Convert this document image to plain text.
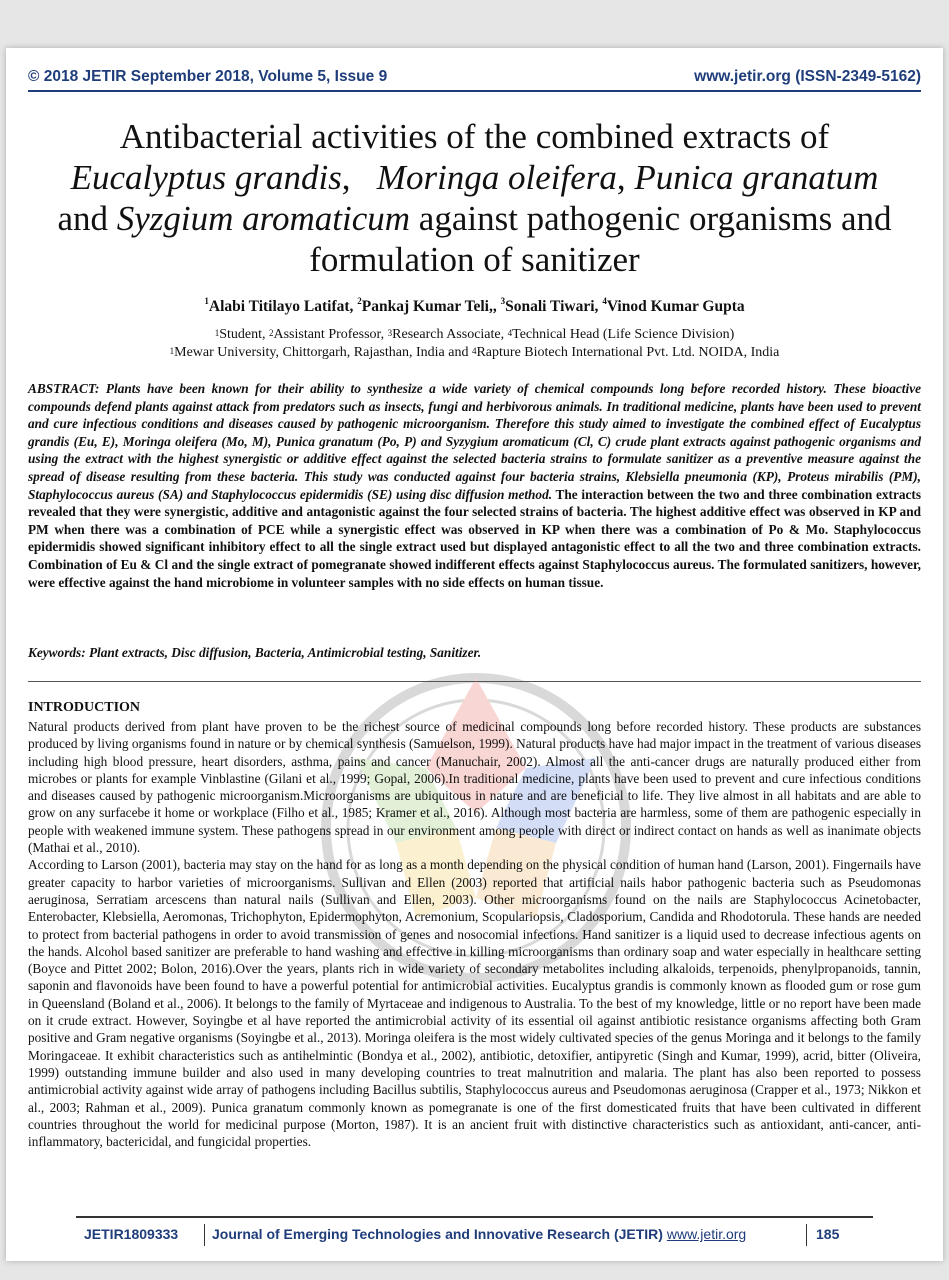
© 2018 JETIR September 2018, Volume 5, Issue 9	www.jetir.org (ISSN-2349-5162)
Antibacterial activities of the combined extracts of
Eucalyptus grandis,   Moringa oleifera, Punica granatum
and Syzgium aromaticum against pathogenic organisms and
formulation of sanitizer
$^1$Alabi Titilayo Latifat, $^2$Pankaj Kumar Teli,, $^3$Sonali Tiwari, $^4$Vinod Kumar Gupta
$^1$Student, $^2$Assistant Professor, $^3$Research Associate, $^4$Technical Head (Life Science Division)
$^1$Mewar University, Chittorgarh, Rajasthan, India and $^4$Rapture Biotech International Pvt. Ltd. NOIDA, India
ABSTRACT: Plants have been known for their ability to synthesize a wide variety of chemical compounds long before recorded history. These bioactive compounds defend plants against attack from predators such as insects, fungi and herbivorous animals. In traditional medicine, plants have been used to prevent and cure infectious conditions and diseases caused by pathogenic microorganism. Therefore this study aimed to investigate the combined effect of Eucalyptus grandis (Eu, E), Moringa oleifera (Mo, M), Punica granatum (Po, P) and Syzygium aromaticum (Cl, C) crude plant extracts against pathogenic organisms and using the extract with the highest synergistic or additive effect against the selected bacteria strains to formulate sanitizer as a preventive measure against the spread of disease resulting from these bacteria. This study was conducted against four bacteria strains, Klebsiella pneumonia (KP), Proteus mirabilis (PM), Staphylococcus aureus (SA) and Staphylococcus epidermidis (SE) using disc diffusion method. The interaction between the two and three combination extracts revealed that they were synergistic, additive and antagonistic against the four selected strains of bacteria. The highest additive effect was observed in KP and PM when there was a combination of PCE while a synergistic effect was observed in KP when there was a combination of Po & Mo. Staphylococcus epidermidis showed significant inhibitory effect to all the single extract used but displayed antagonistic effect to all the two and three combination extracts. Combination of Eu & Cl and the single extract of pomegranate showed indifferent effects against Staphylococcus aureus. The formulated sanitizers, however, were effective against the hand microbiome in volunteer samples with no side effects on human tissue.
Keywords: Plant extracts, Disc diffusion, Bacteria, Antimicrobial testing, Sanitizer.
INTRODUCTION

Natural products derived from plant have proven to be the richest source of medicinal compounds long before recorded history. These products are substances produced by living organisms found in nature or by chemical synthesis (Samuelson, 1999). Natural products have had major impact in the treatment of various diseases including high blood pressure, heart disorders, asthma, pains and cancer (Manuchair, 2002). Almost all the anti-cancer drugs are naturally produced either from microbes or plants for example Vinblastine (Gilani et al., 1999; Gopal, 2006).In traditional medicine, plants have been used to prevent and cure infectious conditions and diseases caused by pathogenic microorganism.Microorganisms are ubiquitous in nature and are beneficial to life. They live almost in all habitats and are able to grow on any surfacebe it home or workplace (Filho et al., 1985; Kramer et al., 2016). Although most bacteria are harmless, some of them are pathogenic especially in people with weakened immune system. These pathogens spread in our environment among people with direct or indirect contact on hands as well as inanimate objects (Mathai et al., 2010).

According to Larson (2001), bacteria may stay on the hand for as long as a month depending on the physical condition of human hand (Larson, 2001). Fingernails have greater capacity to harbor varieties of microorganisms. Sullivan and Ellen (2003) reported that artificial nails habor pathogenic bacteria such as Pseudomonas aeruginosa, Serratiam arcescens than natural nails (Sullivan and Ellen, 2003). Other microorganisms found on the nails are Staphylococcus Acinetobacter, Enterobacter, Klebsiella, Aeromonas, Trichophyton, Epidermophyton, Acremonium, Scopulariopsis, Cladosporium, Candida and Rhodotorula. These hands are needed to protect from bacterial pathogens in order to avoid transmission of genes and nosocomial infections. Hand sanitizer is a liquid used to decrease infectious agents on the hands. Alcohol based sanitizer are preferable to hand washing and effective in killing microorganisms than ordinary soap and water especially in healthcare setting (Boyce and Pittet 2002; Bolon, 2016).Over the years, plants rich in wide variety of secondary metabolites including alkaloids, terpenoids, phenylpropanoids, tannin, saponin and flavonoids have been found to have a powerful potential for antimicrobial activities. Eucalyptus grandis is commonly known as flooded gum or rose gum in Queensland (Boland et al., 2006). It belongs to the family of Myrtaceae and indigenous to Australia. To the best of my knowledge, little or no report have been made on it crude extract. However, Soyingbe et al have reported the antimicrobial activity of its essential oil against antibiotic resistance organisms affecting both Gram positive and Gram negative organisms (Soyingbe et al., 2013). Moringa oleifera is the most widely cultivated species of the genus Moringa and it belongs to the family Moringaceae. It exhibit characteristics such as antihelmintic (Bondya et al., 2002), antibiotic, detoxifier, antipyretic (Singh and Kumar, 1999), acrid, bitter (Oliveira, 1999) outstanding immune builder and also used in many developing countries to treat malnutrition and malaria. The plant has also been reported to possess antimicrobial activity against wide array of pathogens including Bacillus subtilis, Staphylococcus aureus and Pseudomonas aeruginosa (Crapper et al., 1973; Nikkon et al., 2003; Rahman et al., 2009). Punica granatum commonly known as pomegranate is one of the first domesticated fruits that have been cultivated in different countries throughout the world for medicinal purpose (Morton, 1987). It is an ancient fruit with distinctive characteristics such as antioxidant, anti-cancer, anti-inflammatory, bactericidal, and fungicidal properties.

JETIR1809333 Journal of Emerging Technologies and Innovative Research (JETIR) www.jetir.org	185
